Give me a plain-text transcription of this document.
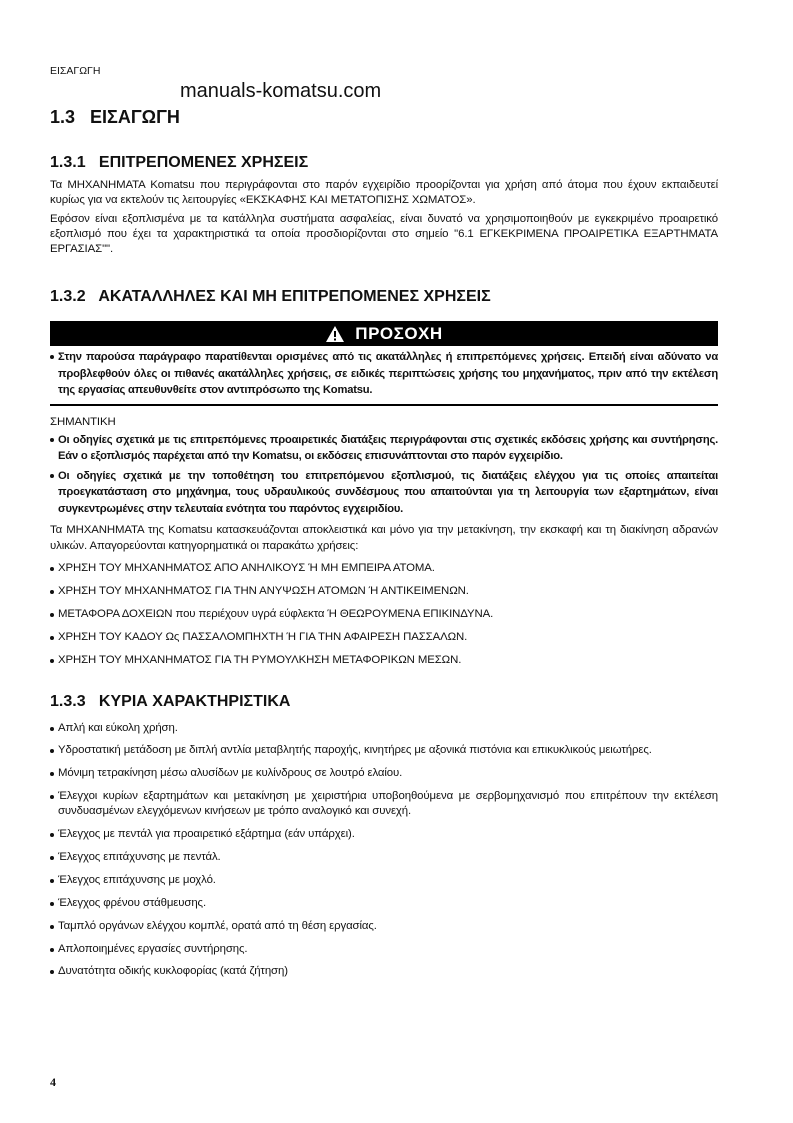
manuals-komatsu.com
ΕΙΣΑΓΩΓΗ
1.3   ΕΙΣΑΓΩΓΗ
1.3.1   ΕΠΙΤΡΕΠΟΜΕΝΕΣ ΧΡΗΣΕΙΣ
Τα ΜΗΧΑΝΗΜΑΤΑ Komatsu που περιγράφονται στο παρόν εγχειρίδιο προορίζονται για χρήση από άτομα που έχουν εκπαιδευτεί κυρίως για να εκτελούν τις λειτουργίες «ΕΚΣΚΑΦΗΣ ΚΑΙ ΜΕΤΑΤΟΠΙΣΗΣ ΧΩΜΑΤΟΣ».
Εφόσον είναι εξοπλισμένα με τα κατάλληλα συστήματα ασφαλείας, είναι δυνατό να χρησιμοποιηθούν με εγκεκριμένο προαιρετικό εξοπλισμό που έχει τα χαρακτηριστικά τα οποία προσδιορίζονται στο σημείο "6.1 ΕΓΚΕΚΡΙΜΕΝΑ ΠΡΟΑΙΡΕΤΙΚΑ ΕΞΑΡΤΗΜΑΤΑ ΕΡΓΑΣΙΑΣ"".
1.3.2   ΑΚΑΤΑΛΛΗΛΕΣ ΚΑΙ ΜΗ ΕΠΙΤΡΕΠΟΜΕΝΕΣ ΧΡΗΣΕΙΣ
ΠΡΟΣΟΧΗ
Στην παρούσα παράγραφο παρατίθενται ορισμένες από τις ακατάλληλες ή επιπρεπόμενες χρήσεις. Επειδή είναι αδύνατο να προβλεφθούν όλες οι πιθανές ακατάλληλες χρήσεις, σε ειδικές περιπτώσεις χρήσης του μηχανήματος, πριν από την εκτέλεση της εργασίας απευθυνθείτε στον αντιπρόσωπο της Komatsu.
ΣΗΜΑΝΤΙΚΗ
Οι οδηγίες σχετικά με τις επιτρεπόμενες προαιρετικές διατάξεις περιγράφονται στις σχετικές εκδόσεις χρήσης και συντήρησης. Εάν ο εξοπλισμός παρέχεται από την Komatsu, οι εκδόσεις επισυνάπτονται στο παρόν εγχειρίδιο.
Οι οδηγίες σχετικά με την τοποθέτηση του επιτρεπόμενου εξοπλισμού, τις διατάξεις ελέγχου για τις οποίες απαιτείται προεγκατάσταση στο μηχάνημα, τους υδραυλικούς συνδέσμους που απαιτούνται για τη λειτουργία των εξαρτημάτων, είναι συγκεντρωμένες στην τελευταία ενότητα του παρόντος εγχειριδίου.
Τα ΜΗΧΑΝΗΜΑΤΑ της Komatsu κατασκευάζονται αποκλειστικά και μόνο για την μετακίνηση, την εκσκαφή και τη διακίνηση αδρανών υλικών. Απαγορεύονται κατηγορηματικά οι παρακάτω χρήσεις:
ΧΡΗΣΗ ΤΟΥ ΜΗΧΑΝΗΜΑΤΟΣ ΑΠΟ ΑΝΗΛΙΚΟΥΣ Ή ΜΗ ΕΜΠΕΙΡΑ ΑΤΟΜΑ.
ΧΡΗΣΗ ΤΟΥ ΜΗΧΑΝΗΜΑΤΟΣ ΓΙΑ ΤΗΝ ΑΝΥΨΩΣΗ ΑΤΟΜΩΝ Ή ΑΝΤΙΚΕΙΜΕΝΩΝ.
ΜΕΤΑΦΟΡΑ ΔΟΧΕΙΩΝ που περιέχουν υγρά εύφλεκτα Ή ΘΕΩΡΟΥΜΕΝΑ ΕΠΙΚΙΝΔΥΝΑ.
ΧΡΗΣΗ ΤΟΥ ΚΑΔΟΥ Ως ΠΑΣΣΑΛΟΜΠΗΧΤΗ Ή ΓΙΑ ΤΗΝ ΑΦΑΙΡΕΣΗ ΠΑΣΣΑΛΩΝ.
ΧΡΗΣΗ ΤΟΥ ΜΗΧΑΝΗΜΑΤΟΣ ΓΙΑ ΤΗ ΡΥΜΟΥΛΚΗΣΗ ΜΕΤΑΦΟΡΙΚΩΝ ΜΕΣΩΝ.
1.3.3   ΚΥΡΙΑ ΧΑΡΑΚΤΗΡΙΣΤΙΚΑ
Απλή και εύκολη χρήση.
Υδροστατική μετάδοση με διπλή αντλία μεταβλητής παροχής, κινητήρες με αξονικά πιστόνια και επικυκλικούς μειωτήρες.
Μόνιμη τετρακίνηση μέσω αλυσίδων με κυλίνδρους σε λουτρό ελαίου.
Έλεγχοι κυρίων εξαρτημάτων και μετακίνηση με χειριστήρια υποβοηθούμενα με σερβομηχανισμό που επιτρέπουν την εκτέλεση συνδυασμένων ελεγχόμενων κινήσεων με τρόπο αναλογικό και συνεχή.
Έλεγχος με πεντάλ για προαιρετικό εξάρτημα (εάν υπάρχει).
Έλεγχος επιτάχυνσης με πεντάλ.
Έλεγχος επιτάχυνσης με μοχλό.
Έλεγχος φρένου στάθμευσης.
Ταμπλό οργάνων ελέγχου κομπλέ, ορατά από τη θέση εργασίας.
Απλοποιημένες εργασίες συντήρησης.
Δυνατότητα οδικής κυκλοφορίας (κατά ζήτηση)
4
